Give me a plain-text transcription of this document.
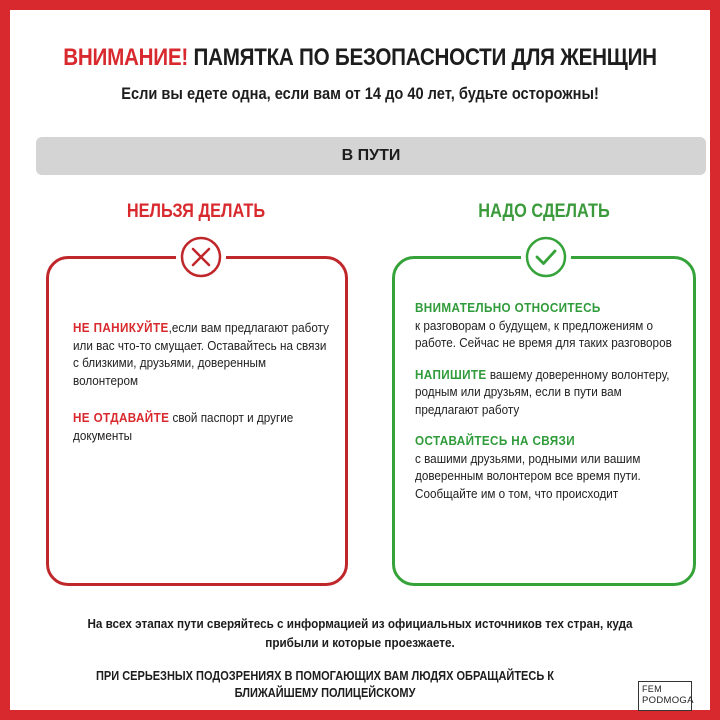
ВНИМАНИЕ! ПАМЯТКА ПО БЕЗОПАСНОСТИ ДЛЯ ЖЕНЩИН
Если вы едете одна, если вам от 14 до 40 лет, будьте осторожны!
В ПУТИ
НЕЛЬЗЯ ДЕЛАТЬ	НАДО СДЕЛАТЬ
НЕ ПАНИКУЙТЕ,если вам предлагают работу или вас что-то смущает. Оставайтесь на связи с близкими, друзьями, доверенным волонтером
НЕ ОТДАВАЙТЕ свой паспорт и другие документы
ВНИМАТЕЛЬНО ОТНОСИТЕСЬ
к разговорам о будущем, к предложениям о работе. Сейчас не время для таких разговоров
НАПИШИТЕ вашему доверенному волонтеру, родным или друзьям, если в пути вам предлагают работу
ОСТАВАЙТЕСЬ НА СВЯЗИ
с вашими друзьями, родными или вашим доверенным волонтером все время пути. Сообщайте им о том, что происходит
На всех этапах пути сверяйтесь с информацией из официальных источников тех стран, куда прибыли и которые проезжаете.
ПРИ СЕРЬЕЗНЫХ ПОДОЗРЕНИЯХ В ПОМОГАЮЩИХ ВАМ ЛЮДЯХ ОБРАЩАЙТЕСЬ К БЛИЖАЙШЕМУ ПОЛИЦЕЙСКОМУ	FEM
PODMOGA
